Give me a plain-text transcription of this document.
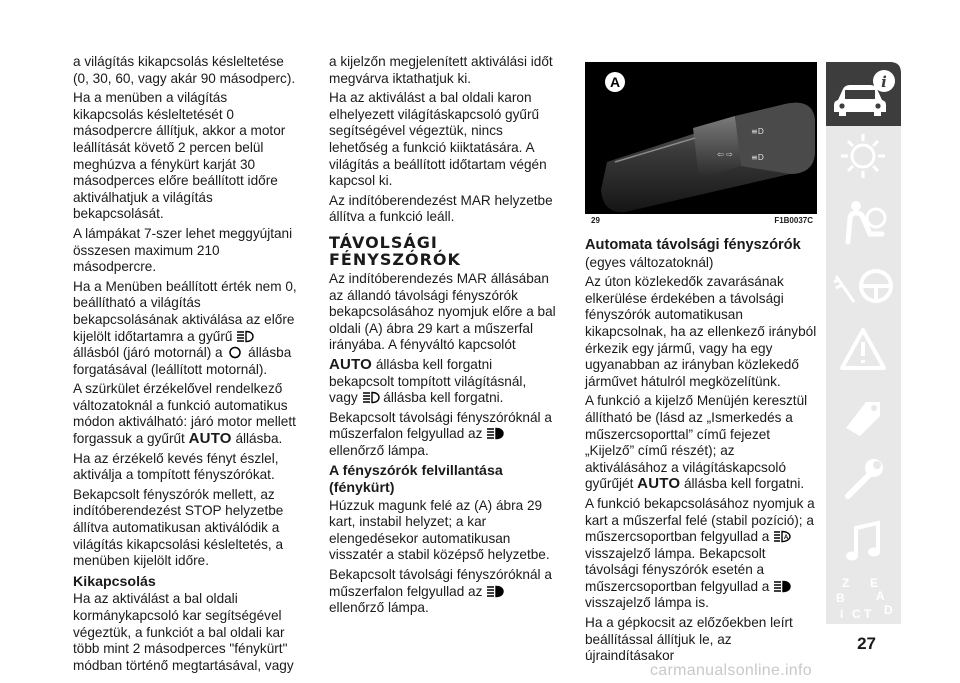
a világítás kikapcsolás késleltetése (0, 30, 60, vagy akár 90 másodperc).

Ha a menüben a világítás kikapcsolás késleltetését 0 másodpercre állítjuk, akkor a motor leállítását követő 2 percen belül meghúzva a fénykürt karját 30 másodperces előre beállított időre aktiválhatjuk a világítás bekapcsolását.

A lámpákat 7-szer lehet meggyújtani összesen maximum 210 másodpercre.

Ha a Menüben beállított érték nem 0, beállítható a világítás bekapcsolásának aktiválása az előre kijelölt időtartamra a gyűrű  állásból (járó motornál) a állásba forgatásával (leállított motornál).

A szürkület érzékelővel rendelkező változatoknál a funkció automatikus módon aktiválható: járó motor mellett forgassuk a gyűrűt AUTO állásba.

Ha az érzékelő kevés fényt észlel, aktiválja a tompított fényszórókat.

Bekapcsolt fényszórók mellett, az indítóberendezést STOP helyzetbe állítva automatikusan aktiválódik a világítás kikapcsolási késleltetés, a menüben kijelölt időre.

Kikapcsolás

Ha az aktiválást a bal oldali kormánykapcsoló kar segítségével végeztük, a funkciót a bal oldali kar több mint 2 másodperces "fénykürt" módban történő megtartásával, vagy

a kijelzőn megjelenített aktiválási időt megvárva iktathatjuk ki.

Ha az aktiválást a bal oldali karon elhelyezett világításkapcsoló gyűrű segítségével végeztük, nincs lehetőség a funkció kiiktatására. A világítás a beállított időtartam végén kapcsol ki.

Az indítóberendezést MAR helyzetbe állítva a funkció leáll.

TÁVOLSÁGI
FÉNYSZÓRÓK

Az indítóberendezés MAR állásában az állandó távolsági fényszórók bekapcsolásához nyomjuk előre a bal oldali (A) ábra 29 kart a műszerfal irányába. A fényváltó kapcsolót

AUTO állásba kell forgatni bekapcsolt tompított világításnál, vagy állásba kell forgatni.

Bekapcsolt távolsági fényszóróknál a műszerfalon felgyullad az  ellenőrző lámpa.

A fényszórók felvillantása (fénykürt)

Húzzuk magunk felé az (A) ábra 29 kart, instabil helyzet; a kar elengedésekor automatikusan visszatér a stabil középső helyzetbe.

Bekapcsolt távolsági fényszóróknál a műszerfalon felgyullad az  ellenőrző lámpa.

⇦ ⇨
≡D
≡D
A
29	F1B0037C
Automata távolsági fényszórók

(egyes változatoknál)

Az úton közlekedők zavarásának elkerülése érdekében a távolsági fényszórók automatikusan kikapcsolnak, ha az ellenkező irányból érkezik egy jármű, vagy ha egy ugyanabban az irányban közlekedő járművet hátulról megközelítünk.

A funkció a kijelző Menüjén keresztül állítható be (lásd az „Ismerkedés a műszercsoporttal” című fejezet „Kijelző” című részét); az aktiválásához a világításkapcsoló gyűrűjét AUTO állásba kell forgatni.

A funkció bekapcsolásához nyomjuk a kart a műszerfal felé (stabil pozíció); a műszercsoportban felgyullad a A
visszajelző lámpa. Bekapcsolt távolsági fényszórók esetén a műszercsoportban felgyullad a  visszajelző lámpa is.

Ha a gépkocsit az előzőekben leírt beállítással állítjuk le, az újraindításakor

i
Z E
B	A
C T D
I
27
carmanualsonline.info
